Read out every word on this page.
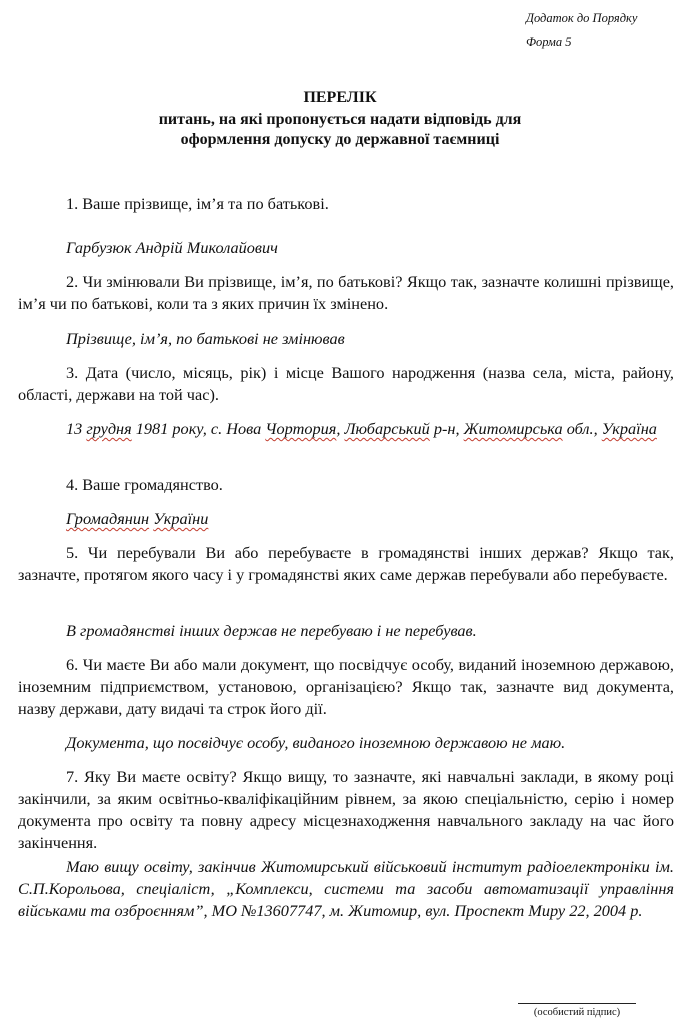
Додаток до Порядку
Форма 5
ПЕРЕЛІК
питань, на які пропонується надати відповідь для
оформлення допуску до державної таємниці
1. Ваше прізвище, ім’я та по батькові.
Гарбузюк Андрій Миколайович
2. Чи змінювали Ви прізвище, ім’я, по батькові? Якщо так, зазначте колишні прізвище, ім’я чи по батькові, коли та з яких причин їх змінено.
Прізвище, ім’я, по батькові не змінював
3. Дата (число, місяць, рік) і місце Вашого народження (назва села, міста, району, області, держави на той час).
13 грудня 1981 року, с. Нова Чортория, Любарський р-н, Житомирська обл., Україна
4. Ваше громадянство.
Громадянин України
5. Чи перебували Ви або перебуваєте в громадянстві інших держав? Якщо так, зазначте, протягом якого часу і у громадянстві яких саме держав перебували або перебуваєте.
В громадянстві інших держав не перебуваю і не перебував.
6. Чи маєте Ви або мали документ, що посвідчує особу, виданий іноземною державою, іноземним підприємством, установою, організацією? Якщо так, зазначте вид документа, назву держави, дату видачі та строк його дії.
Документа, що посвідчує особу, виданого іноземною державою не маю.
7. Яку Ви маєте освіту? Якщо вищу, то зазначте, які навчальні заклади, в якому році закінчили, за яким освітньо-кваліфікаційним рівнем, за якою спеціальністю, серію і номер документа про освіту та повну адресу місцезнаходження навчального закладу на час його закінчення.
Маю вищу освіту, закінчив Житомирський військовий інститут радіоелектроніки ім. С.П.Корольова, спеціаліст, „Комплекси, системи та засоби автоматизації управління військами та озброєнням”, МО №13607747, м. Житомир, вул. Проспект Миру 22, 2004 р.
(особистий підпис)
